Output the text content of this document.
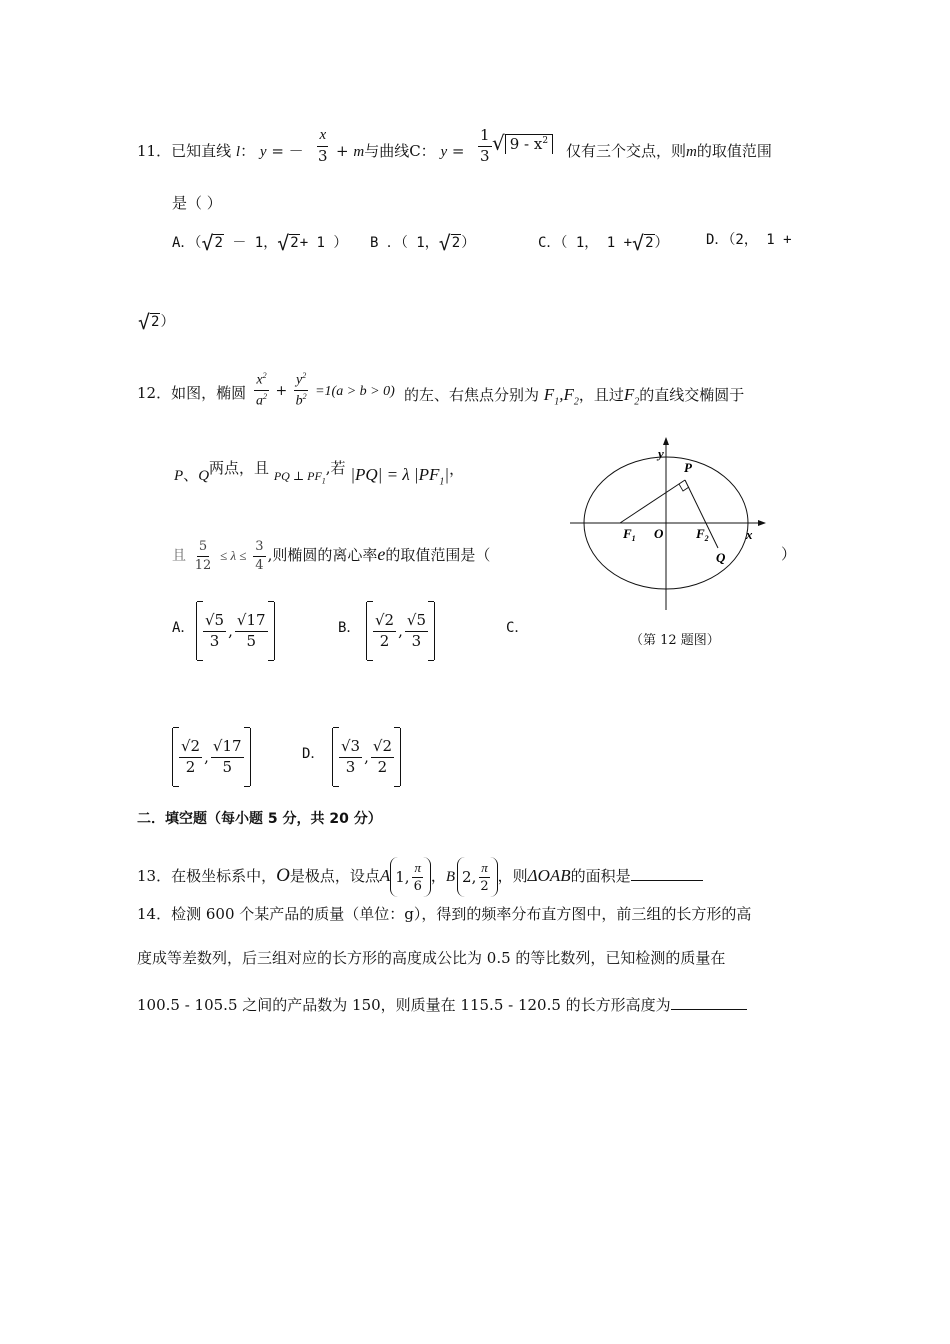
11．已知直线 l： y = － $\frac{x}{3} + m$与曲线C： $y = \frac{1}{3}$ √ $9 - x^2$
仅有三个交点，则m的取值范围
是（ ）
A．（ √ 2 － 1， √ 2 + 1 ） B ．（ 1， √ 2 ）	C．（ 1， 1 + √ 2 ）	D．（2， 1 +
√ 2 ）
12．如图，椭圆 $\frac{x^2}{a^2} + \frac{y^2}{b^2} =1(a > b > 0)$ 的左、右焦点分别为 $F_1,F_2$，且过$F_2$的直线交椭圆于
P、Q两点，且 PQ ⊥ $PF_1$,若 |PQ| = λ $|PF_1|$，
且 $\frac{5}{12} \le \lambda \le \frac{3}{4}$ ,则椭圆的离心率e的取值范围是（	）
A． $\frac{√5}{3}$ , $\frac{√17}{5}$	B． $\frac{√2}{2}$ , $\frac{√5}{3}$	C．
$\frac{√2}{2}$ , $\frac{√17}{5}$	D． $\frac{√3}{3}$ , $\frac{√2}{2}$
y
x
P
Q
O
$F_1$	$F_2$
（第 12 题图）
二．填空题（每小题 5 分，共 20 分）
13．在极坐标系中，O是极点，设点A 1, $\frac{\pi}{6}$ ，B 2, $\frac{\pi}{2}$ ，则ΔOAB的面积是
14．检测 600 个某产品的质量（单位：g），得到的频率分布直方图中，前三组的长方形的高
度成等差数列，后三组对应的长方形的高度成公比为 0.5 的等比数列，已知检测的质量在
100.5 - 105.5 之间的产品数为 150，则质量在 115.5 - 120.5 的长方形高度为
